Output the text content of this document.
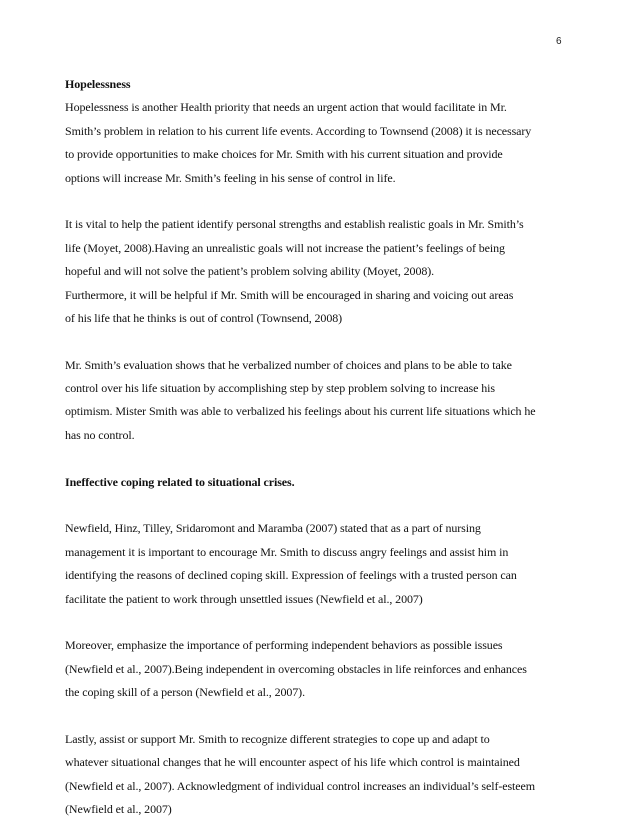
6
Hopelessness
Hopelessness is another Health priority that needs an urgent action that would facilitate in Mr.
Smith’s problem in relation to his current life events. According to Townsend (2008) it is necessary
to provide opportunities to make choices for Mr. Smith with his current situation and provide
options will increase Mr. Smith’s feeling in his sense of control in life.
It is vital to help the patient identify personal strengths and establish realistic goals in Mr. Smith’s
life (Moyet, 2008).Having an unrealistic goals will not increase the patient’s feelings of being
hopeful and will not solve the patient’s problem solving ability (Moyet, 2008).
Furthermore, it will be helpful if Mr. Smith will be encouraged in sharing and voicing out areas
of his life that he thinks is out of control (Townsend, 2008)
Mr. Smith’s evaluation shows that he verbalized number of choices and plans to be able to take
control over his life situation by accomplishing step by step problem solving to increase his
optimism. Mister Smith was able to verbalized his feelings about his current life situations which he
has no control.
Ineffective coping related to situational crises.
Newfield, Hinz, Tilley, Sridaromont and Maramba (2007) stated that as a part of nursing
management it is important to encourage Mr. Smith to discuss angry feelings and assist him in
identifying the reasons of declined coping skill. Expression of feelings with a trusted person can
facilitate the patient to work through unsettled issues (Newfield et al., 2007)
Moreover, emphasize the importance of performing independent behaviors as possible issues
(Newfield et al., 2007).Being independent in overcoming obstacles in life reinforces and enhances
the coping skill of a person (Newfield et al., 2007).
Lastly, assist or support Mr. Smith to recognize different strategies to cope up and adapt to
whatever situational changes that he will encounter aspect of his life which control is maintained
(Newfield et al., 2007). Acknowledgment of individual control increases an individual’s self-esteem
(Newfield et al., 2007)
